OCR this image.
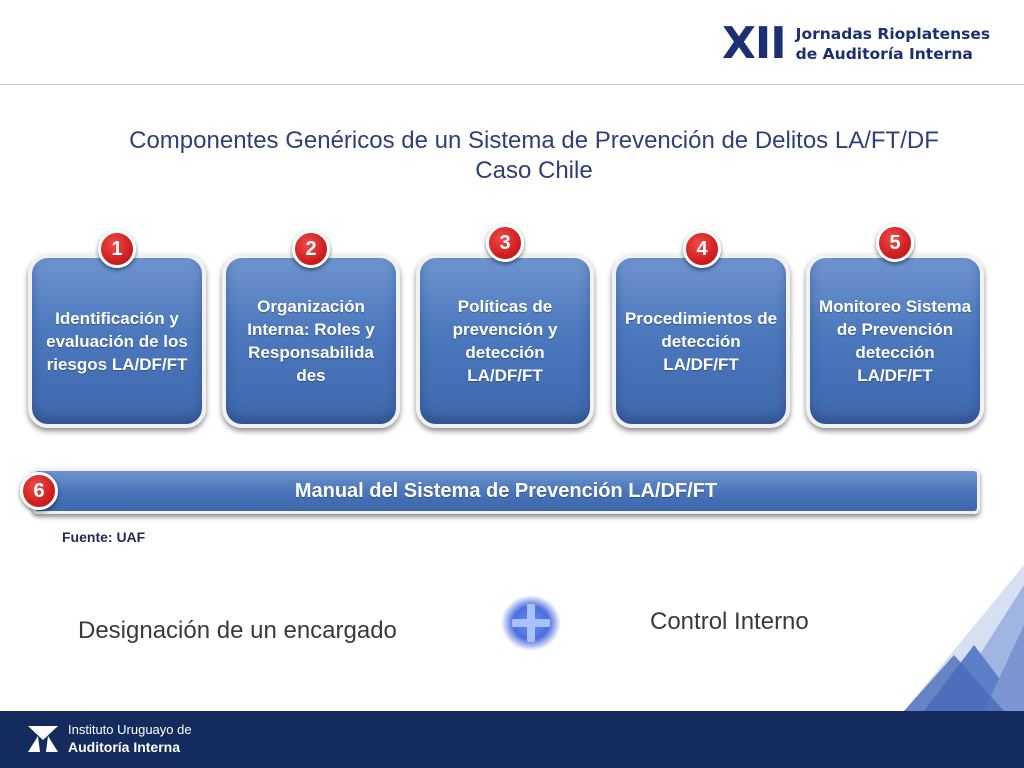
XII Jornadas Rioplatenses
de Auditoría Interna
Componentes Genéricos de un Sistema de Prevención de Delitos LA/FT/DF
Caso Chile
Identificación y evaluación de los riesgos LA/DF/FT
1
Organización Interna: Roles y Responsabilida des
2
Políticas de prevención y detección LA/DF/FT
3
Procedimientos de detección LA/DF/FT
4
Monitoreo Sistema de Prevención detección LA/DF/FT
5
Manual del Sistema de Prevención LA/DF/FT
6
Fuente: UAF
Designación de un encargado	Control Interno
Instituto Uruguayo de
Auditoría Interna
